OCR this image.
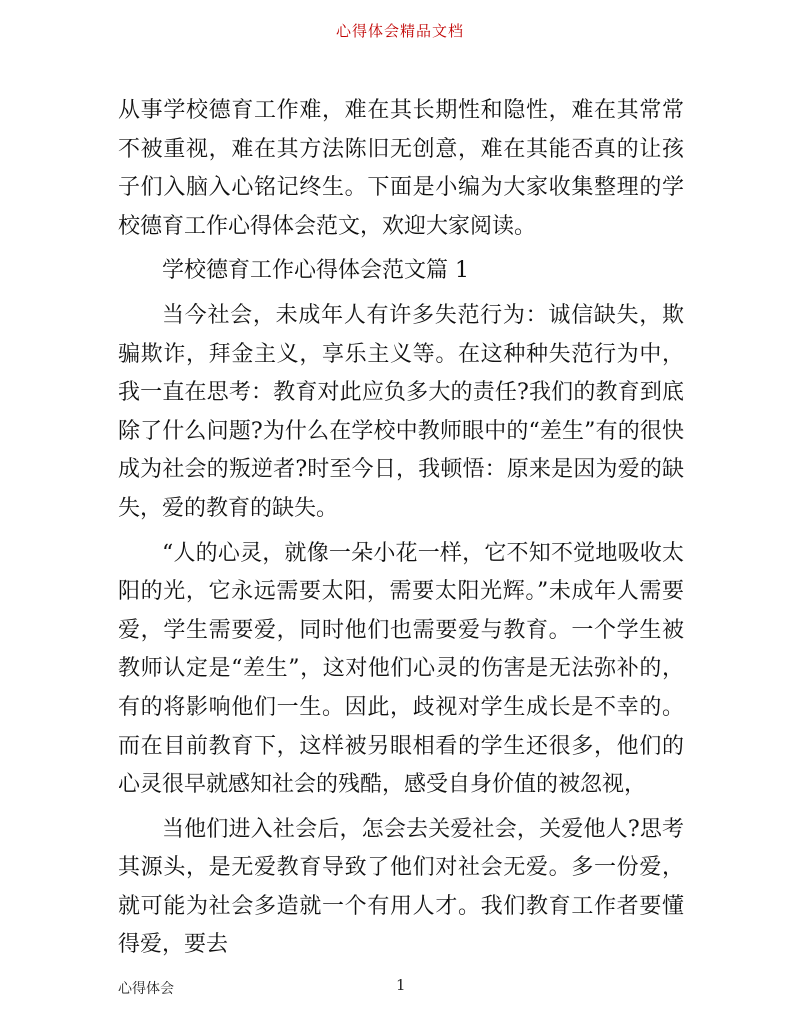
心得体会精品文档

从事学校德育工作难，难在其长期性和隐性，难在其常常不被重视，难在其方法陈旧无创意，难在其能否真的让孩子们入脑入心铭记终生。下面是小编为大家收集整理的学校德育工作心得体会范文，欢迎大家阅读。

学校德育工作心得体会范文篇 1

当今社会，未成年人有许多失范行为：诚信缺失，欺骗欺诈，拜金主义，享乐主义等。在这种种失范行为中，我一直在思考：教育对此应负多大的责任?我们的教育到底除了什么问题?为什么在学校中教师眼中的“差生”有的很快成为社会的叛逆者?时至今日，我顿悟：原来是因为爱的缺失，爱的教育的缺失。

“人的心灵，就像一朵小花一样，它不知不觉地吸收太阳的光，它永远需要太阳，需要太阳光辉。”未成年人需要爱，学生需要爱，同时他们也需要爱与教育。一个学生被教师认定是“差生”，这对他们心灵的伤害是无法弥补的，有的将影响他们一生。因此，歧视对学生成长是不幸的。而在目前教育下，这样被另眼相看的学生还很多，他们的心灵很早就感知社会的残酷，感受自身价值的被忽视，

当他们进入社会后，怎会去关爱社会，关爱他人?思考其源头，是无爱教育导致了他们对社会无爱。多一份爱，就可能为社会多造就一个有用人才。我们教育工作者要懂得爱，要去

心得体会	1
